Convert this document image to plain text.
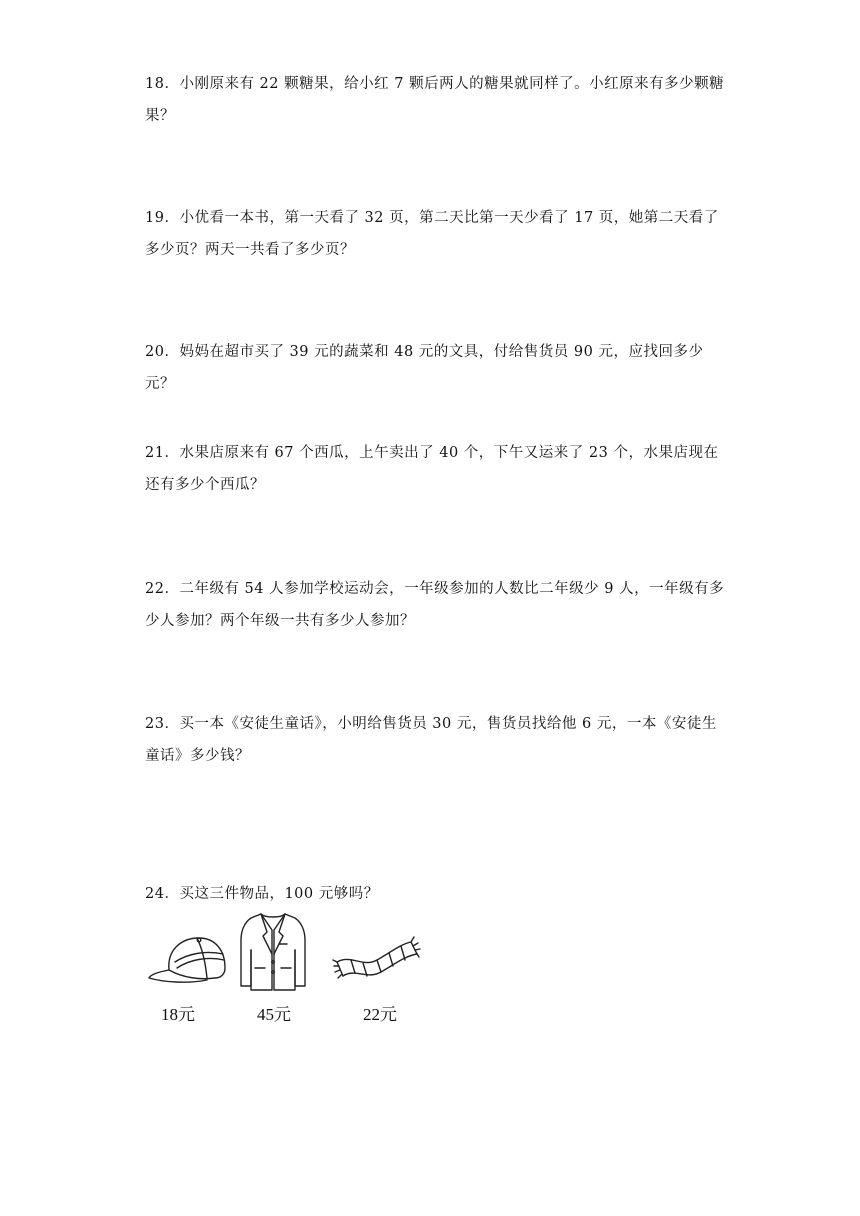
18．小刚原来有 22 颗糖果，给小红 7 颗后两人的糖果就同样了。小红原来有多少颗糖果？

19．小优看一本书，第一天看了 32 页，第二天比第一天少看了 17 页，她第二天看了多少页？两天一共看了多少页？

20．妈妈在超市买了 39 元的蔬菜和 48 元的文具，付给售货员 90 元，应找回多少元？

21．水果店原来有 67 个西瓜，上午卖出了 40 个，下午又运来了 23 个，水果店现在还有多少个西瓜？

22．二年级有 54 人参加学校运动会，一年级参加的人数比二年级少 9 人，一年级有多少人参加？两个年级一共有多少人参加？

23．买一本《安徒生童话》，小明给售货员 30 元，售货员找给他 6 元，一本《安徒生童话》多少钱？

24．买这三件物品，100 元够吗？

18元	45元	22元
